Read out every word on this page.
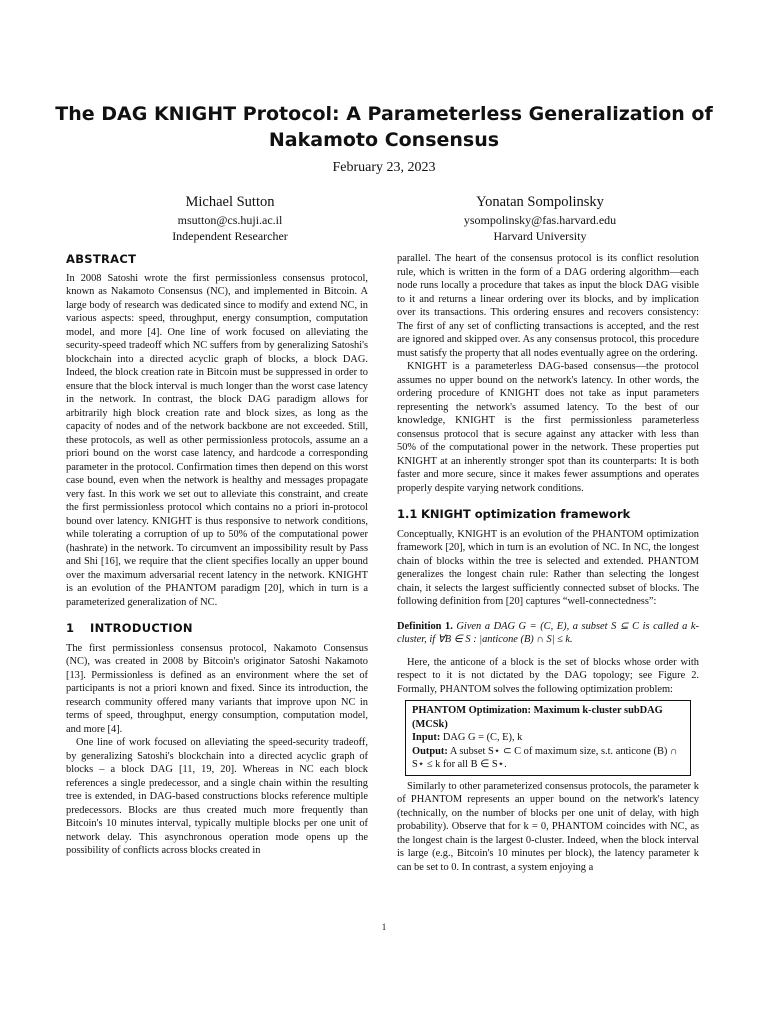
The DAG KNIGHT Protocol: A Parameterless Generalization of Nakamoto Consensus
February 23, 2023
Michael Sutton
msutton@cs.huji.ac.il
Independent Researcher
Yonatan Sompolinsky
ysompolinsky@fas.harvard.edu
Harvard University
ABSTRACT

In 2008 Satoshi wrote the first permissionless consensus protocol, known as Nakamoto Consensus (NC), and implemented in Bitcoin. A large body of research was dedicated since to modify and extend NC, in various aspects: speed, throughput, energy consumption, computation model, and more [4]. One line of work focused on alleviating the security-speed tradeoff which NC suffers from by generalizing Satoshi's blockchain into a directed acyclic graph of blocks, a block DAG. Indeed, the block creation rate in Bitcoin must be suppressed in order to ensure that the block interval is much longer than the worst case latency in the network. In contrast, the block DAG paradigm allows for arbitrarily high block creation rate and block sizes, as long as the capacity of nodes and of the network backbone are not exceeded. Still, these protocols, as well as other permissionless protocols, assume an a priori bound on the worst case latency, and hardcode a corresponding parameter in the protocol. Confirmation times then depend on this worst case bound, even when the network is healthy and messages propagate very fast. In this work we set out to alleviate this constraint, and create the first permissionless protocol which contains no a priori in-protocol bound over latency. KNIGHT is thus responsive to network conditions, while tolerating a corruption of up to 50% of the computational power (hashrate) in the network. To circumvent an impossibility result by Pass and Shi [16], we require that the client specifies locally an upper bound over the maximum adversarial recent latency in the network. KNIGHT is an evolution of the PHANTOM paradigm [20], which in turn is a parameterized generalization of NC.

1 INTRODUCTION

The first permissionless consensus protocol, Nakamoto Consensus (NC), was created in 2008 by Bitcoin's originator Satoshi Nakamoto [13]. Permissionless is defined as an environment where the set of participants is not a priori known and fixed. Since its introduction, the research community offered many variants that improve upon NC in terms of speed, throughput, energy consumption, computation model, and more [4].

One line of work focused on alleviating the speed-security tradeoff, by generalizing Satoshi's blockchain into a directed acyclic graph of blocks – a block DAG [11, 19, 20]. Whereas in NC each block references a single predecessor, and a single chain within the resulting tree is extended, in DAG-based constructions blocks reference multiple predecessors. Blocks are thus created much more frequently than Bitcoin's 10 minutes interval, typically multiple blocks per one unit of network delay. This asynchronous operation mode opens up the possibility of conflicts across blocks created in

parallel. The heart of the consensus protocol is its conflict resolution rule, which is written in the form of a DAG ordering algorithm—each node runs locally a procedure that takes as input the block DAG visible to it and returns a linear ordering over its blocks, and by implication over its transactions. This ordering ensures and recovers consistency: The first of any set of conflicting transactions is accepted, and the rest are ignored and skipped over. As any consensus protocol, this procedure must satisfy the property that all nodes eventually agree on the ordering.

KNIGHT is a parameterless DAG-based consensus—the protocol assumes no upper bound on the network's latency. In other words, the ordering procedure of KNIGHT does not take as input parameters representing the network's assumed latency. To the best of our knowledge, KNIGHT is the first permissionless parameterless consensus protocol that is secure against any attacker with less than 50% of the computational power in the network. These properties put KNIGHT at an inherently stronger spot than its counterparts: It is both faster and more secure, since it makes fewer assumptions and operates properly despite varying network conditions.

1.1 KNIGHT optimization framework

Conceptually, KNIGHT is an evolution of the PHANTOM optimization framework [20], which in turn is an evolution of NC. In NC, the longest chain of blocks within the tree is selected and extended. PHANTOM generalizes the longest chain rule: Rather than selecting the longest chain, it selects the largest sufficiently connected subset of blocks. The following definition from [20] captures “well-connectedness”:

Definition 1. Given a DAG G = (C, E), a subset S ⊆ C is called a k-cluster, if ∀B ∈ S : |anticone (B) ∩ S| ≤ k.

Here, the anticone of a block is the set of blocks whose order with respect to it is not dictated by the DAG topology; see Figure 2. Formally, PHANTOM solves the following optimization problem:

PHANTOM Optimization: Maximum k-cluster subDAG (MCSk)
Input: DAG G = (C, E), k
Output: A subset S⋆ ⊂ C of maximum size, s.t. anticone (B) ∩ S⋆ ≤ k for all B ∈ S⋆.

Similarly to other parameterized consensus protocols, the parameter k of PHANTOM represents an upper bound on the network's latency (technically, on the number of blocks per one unit of delay, with high probability). Observe that for k = 0, PHANTOM coincides with NC, as the longest chain is the largest 0-cluster. Indeed, when the block interval is large (e.g., Bitcoin's 10 minutes per block), the latency parameter k can be set to 0. In contrast, a system enjoying a

1
